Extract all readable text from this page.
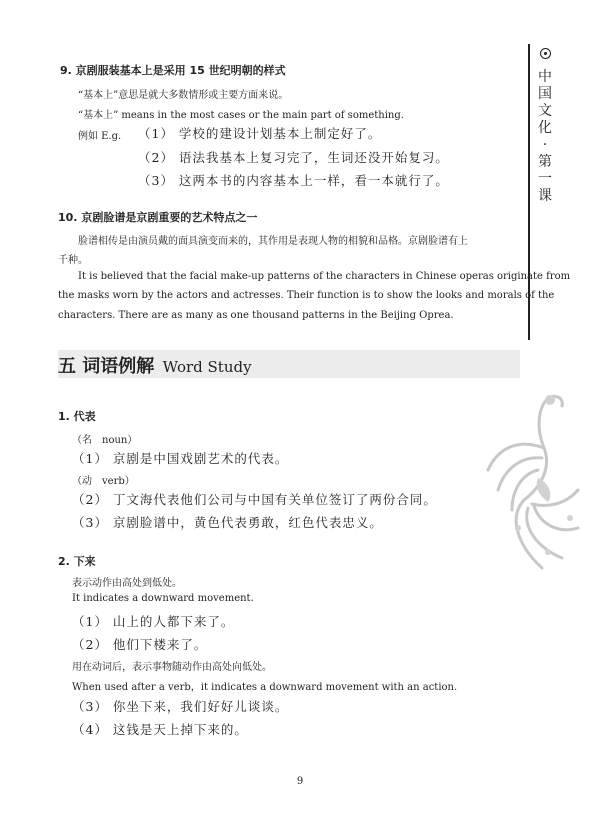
中
国
文
化
·
第
一
课
9. 京剧服装基本上是采用 15 世纪明朝的样式
“基本上”意思是就大多数情形或主要方面来说。
“基本上” means in the most cases or the main part of something.
例如 E.g. （1） 学校的建设计划基本上制定好了。
（2） 语法我基本上复习完了，生词还没开始复习。
（3） 这两本书的内容基本上一样，看一本就行了。
10. 京剧脸谱是京剧重要的艺术特点之一
脸谱相传是由演员戴的面具演变而来的，其作用是表现人物的相貌和品格。京剧脸谱有上
千种。
It is believed that the facial make-up patterns of the characters in Chinese operas originate from
the masks worn by the actors and actresses. Their function is to show the looks and morals of the
characters. There are as many as one thousand patterns in the Beijing Oprea.
五 词语例解 Word Study
1. 代表
（名　noun）
（1） 京剧是中国戏剧艺术的代表。
（动　verb）
（2） 丁文海代表他们公司与中国有关单位签订了两份合同。
（3） 京剧脸谱中，黄色代表勇敢，红色代表忠义。
2. 下来
表示动作由高处到低处。
It indicates a downward movement.
（1） 山上的人都下来了。
（2） 他们下楼来了。
用在动词后，表示事物随动作由高处向低处。
When used after a verb，it indicates a downward movement with an action.
（3） 你坐下来，我们好好儿谈谈。
（4） 这钱是天上掉下来的。
9
